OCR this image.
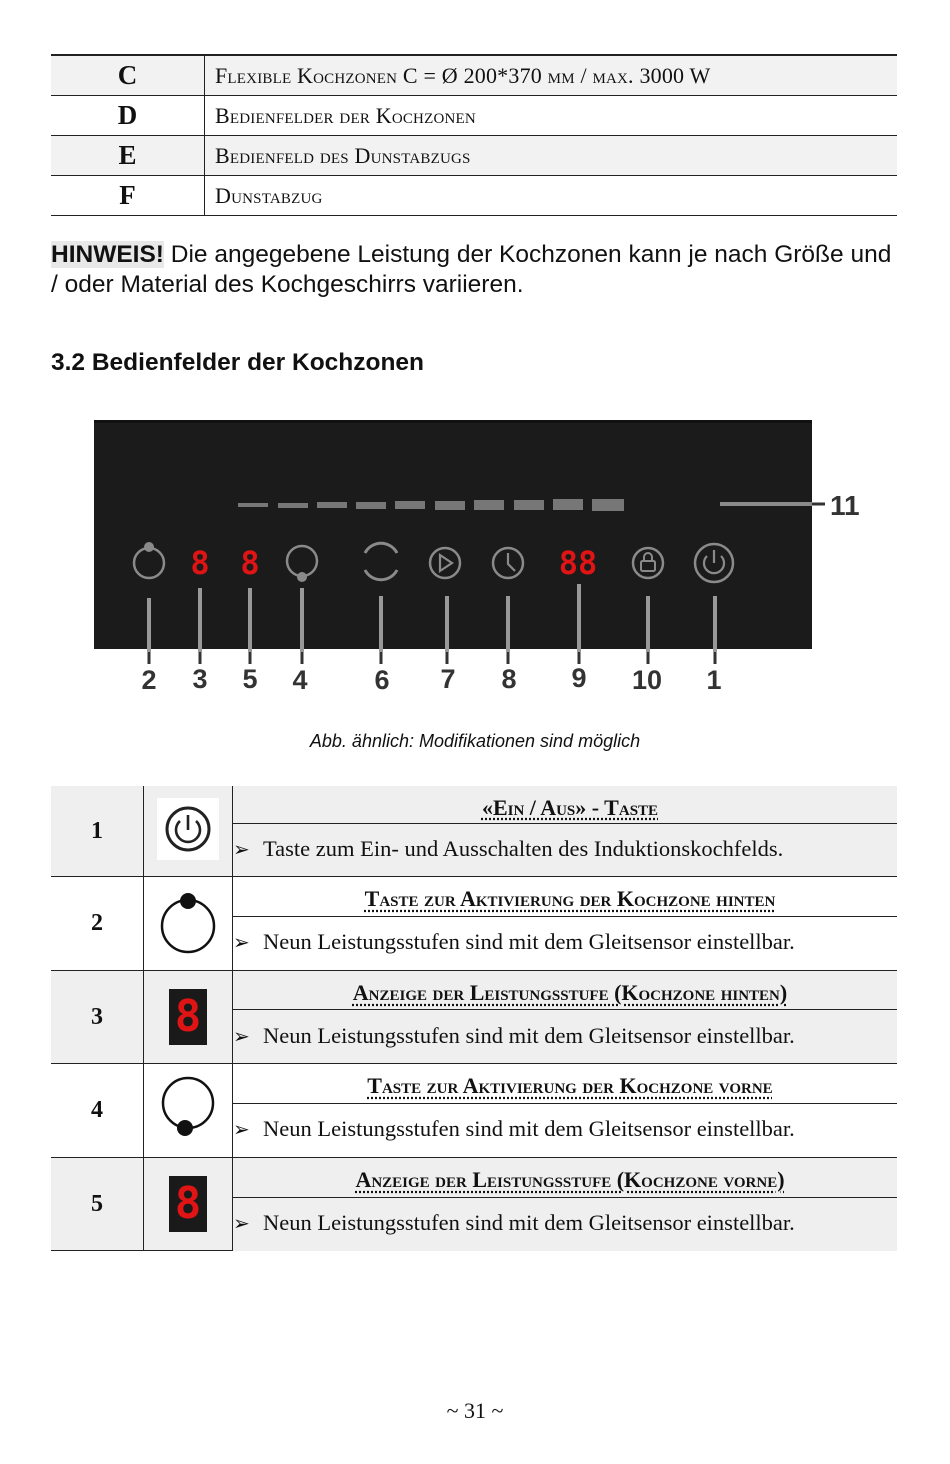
C	Flexible Kochzonen C = Ø 200*370 mm / max. 3000 W
D	Bedienfelder der Kochzonen
E	Bedienfeld des Dunstabzugs
F	Dunstabzug
HINWEIS! Die angegebene Leistung der Kochzonen kann je nach Größe und / oder Material des Kochgeschirrs variieren.
3.2 Bedienfelder der Kochzonen
11
8 8	88
2 3 5 4 6 7 8 9 10 1
Abb. ähnlich: Modifikationen sind möglich
1		«Ein / Aus» - Taste
		➢ Taste zum Ein- und Ausschalten des Induktionskochfelds.
2		Taste zur Aktivierung der Kochzone hinten
		➢ Neun Leistungsstufen sind mit dem Gleitsensor einstellbar.
3	8	Anzeige der Leistungsstufe (Kochzone hinten)
		➢ Neun Leistungsstufen sind mit dem Gleitsensor einstellbar.
4		Taste zur Aktivierung der Kochzone vorne
		➢ Neun Leistungsstufen sind mit dem Gleitsensor einstellbar.
5	8	Anzeige der Leistungsstufe (Kochzone vorne)
		➢ Neun Leistungsstufen sind mit dem Gleitsensor einstellbar.
~ 31 ~
